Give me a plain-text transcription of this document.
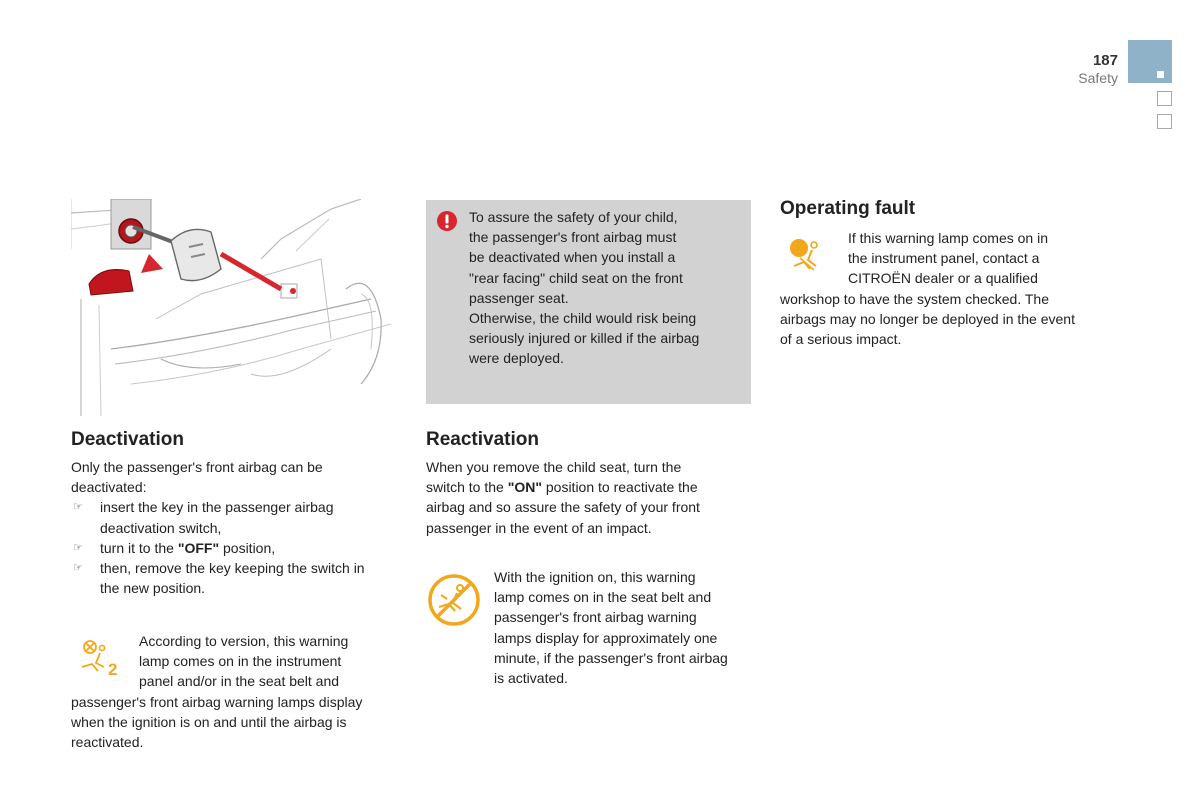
187
Safety
To assure the safety of your child,
the passenger's front airbag must
be deactivated when you install a
"rear facing" child seat on the front
passenger seat.
Otherwise, the child would risk being
seriously injured or killed if the airbag
were deployed.
Operating fault
If this warning lamp comes on in
the instrument panel, contact a
CITROËN dealer or a qualified
workshop to have the system checked. The
airbags may no longer be deployed in the event
of a serious impact.
Deactivation
Only the passenger's front airbag can be
deactivated:
☞ insert the key in the passenger airbag
deactivation switch,
☞ turn it to the "OFF" position,
☞ then, remove the key keeping the switch in
the new position.
2
According to version, this warning
lamp comes on in the instrument
panel and/or in the seat belt and
passenger's front airbag warning lamps display
when the ignition is on and until the airbag is
reactivated.
Reactivation
When you remove the child seat, turn the
switch to the "ON" position to reactivate the
airbag and so assure the safety of your front
passenger in the event of an impact.
With the ignition on, this warning
lamp comes on in the seat belt and
passenger's front airbag warning
lamps display for approximately one
minute, if the passenger's front airbag
is activated.
